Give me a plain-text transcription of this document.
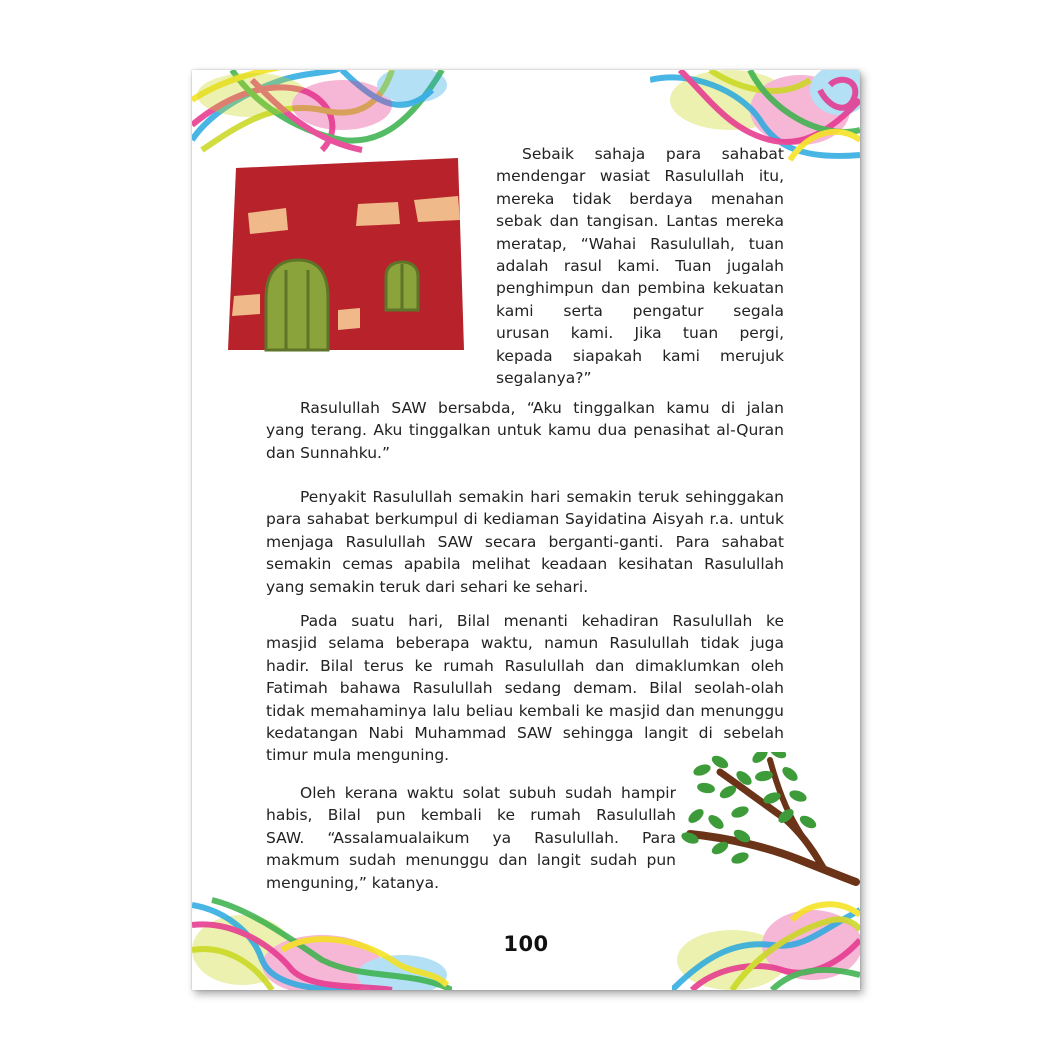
Sebaik sahaja para sahabat
mendengar wasiat Rasulullah itu,
mereka tidak berdaya menahan
sebak dan tangisan. Lantas mereka
meratap, “Wahai Rasulullah, tuan
adalah rasul kami. Tuan jugalah
penghimpun dan pembina kekuatan
kami serta pengatur segala
urusan kami. Jika tuan pergi,
kepada siapakah kami merujuk
segalanya?”

Rasulullah SAW bersabda, “Aku tinggalkan kamu di jalan
yang terang. Aku tinggalkan untuk kamu dua penasihat al-Quran
dan Sunnahku.”

Penyakit Rasulullah semakin hari semakin teruk sehinggakan
para sahabat berkumpul di kediaman Sayidatina Aisyah r.a. untuk
menjaga Rasulullah SAW secara berganti-ganti. Para sahabat
semakin cemas apabila melihat keadaan kesihatan Rasulullah
yang semakin teruk dari sehari ke sehari.

Pada suatu hari, Bilal menanti kehadiran Rasulullah ke
masjid selama beberapa waktu, namun Rasulullah tidak juga
hadir. Bilal terus ke rumah Rasulullah dan dimaklumkan oleh
Fatimah bahawa Rasulullah sedang demam. Bilal seolah-olah
tidak memahaminya lalu beliau kembali ke masjid dan menunggu
kedatangan Nabi Muhammad SAW sehingga langit di sebelah
timur mula menguning.

Oleh kerana waktu solat subuh sudah hampir
habis, Bilal pun kembali ke rumah Rasulullah
SAW. “Assalamualaikum ya Rasulullah. Para
makmum sudah menunggu dan langit sudah pun
menguning,” katanya.

100
